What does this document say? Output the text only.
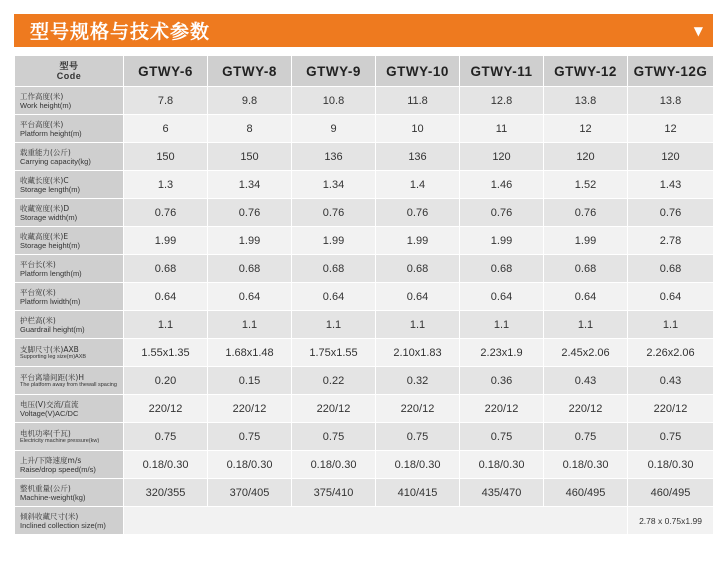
型号规格与技术参数	▼
型号
Code	GTWY-6	GTWY-8	GTWY-9	GTWY-10	GTWY-11	GTWY-12	GTWY-12G

工作高度(米)
Work height(m)	7.8	9.8	10.8	11.8	12.8	13.8	13.8

平台高度(米)
Platform height(m)	6	8	9	10	11	12	12

载重能力(公斤)
Carrying capacity(kg)	150	150	136	136	120	120	120

收藏长度(米)C
Storage length(m)	1.3	1.34	1.34	1.4	1.46	1.52	1.43

收藏宽度(米)D
Storage width(m)	0.76	0.76	0.76	0.76	0.76	0.76	0.76

收藏高度(米)E
Storage height(m)	1.99	1.99	1.99	1.99	1.99	1.99	2.78

平台长(米)
Platform length(m)	0.68	0.68	0.68	0.68	0.68	0.68	0.68

平台宽(米)
Platform lwidth(m)	0.64	0.64	0.64	0.64	0.64	0.64	0.64

护栏高(米)
Guardrail height(m)	1.1	1.1	1.1	1.1	1.1	1.1	1.1

支脚尺寸(米)AXB
Supporting leg size(m)AXB	1.55x1.35	1.68x1.48	1.75x1.55	2.10x1.83	2.23x1.9	2.45x2.06	2.26x2.06

平台离墙间距(米)H
The platform away from thewall spacing	0.20	0.15	0.22	0.32	0.36	0.43	0.43

电压(V)交流/直流
Voltage(V)AC/DC	220/12	220/12	220/12	220/12	220/12	220/12	220/12

电机功率(千瓦)
Electricity machine pressure(kw)	0.75	0.75	0.75	0.75	0.75	0.75	0.75

上升/下降速度m/s
Raise/drop speed(m/s)	0.18/0.30	0.18/0.30	0.18/0.30	0.18/0.30	0.18/0.30	0.18/0.30	0.18/0.30

整机重量(公斤)
Machine-weight(kg)	320/355	370/405	375/410	410/415	435/470	460/495	460/495

倾斜收藏尺寸(米)
Inclined collection size(m)							2.78 x 0.75x1.99
